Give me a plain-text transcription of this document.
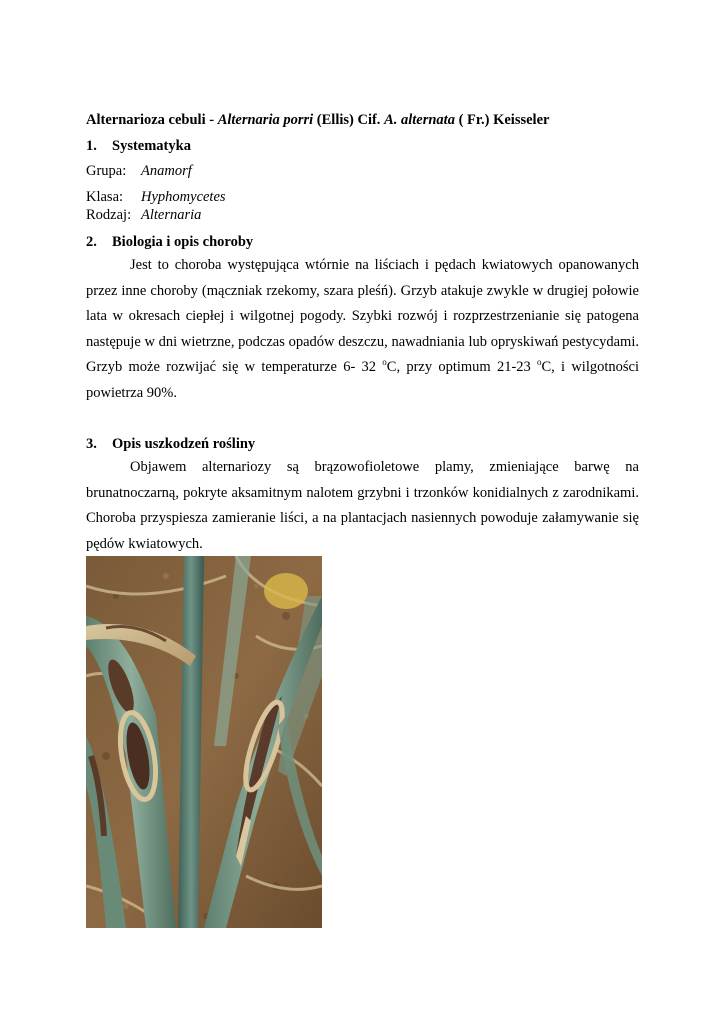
Alternarioza cebuli - Alternaria porri (Ellis) Cif. A. alternata ( Fr.) Keisseler
1.	Systematyka
Grupa:	Anamorf
Klasa:	Hyphomycetes
Rodzaj: Alternaria
2.	Biologia i opis choroby

Jest to choroba występująca wtórnie na liściach i pędach kwiatowych opanowanych przez inne choroby (mączniak rzekomy, szara pleśń). Grzyb atakuje zwykle w drugiej połowie lata w okresach ciepłej i wilgotnej pogody. Szybki rozwój i rozprzestrzenianie się patogena następuje w dni wietrzne, podczas opadów deszczu, nawadniania lub opryskiwań pestycydami. Grzyb może rozwijać się w temperaturze 6- 32 $^o$C, przy optimum 21-23 $^o$C, i wilgotności powietrza 90%.

3.	Opis uszkodzeń rośliny

Objawem alternariozy są brązowofioletowe plamy, zmieniające barwę na brunatnoczarną, pokryte aksamitnym nalotem grzybni i trzonków konidialnych z zarodnikami. Choroba przyspiesza zamieranie liści, a na plantacjach nasiennych powoduje załamywanie się pędów kwiatowych.
